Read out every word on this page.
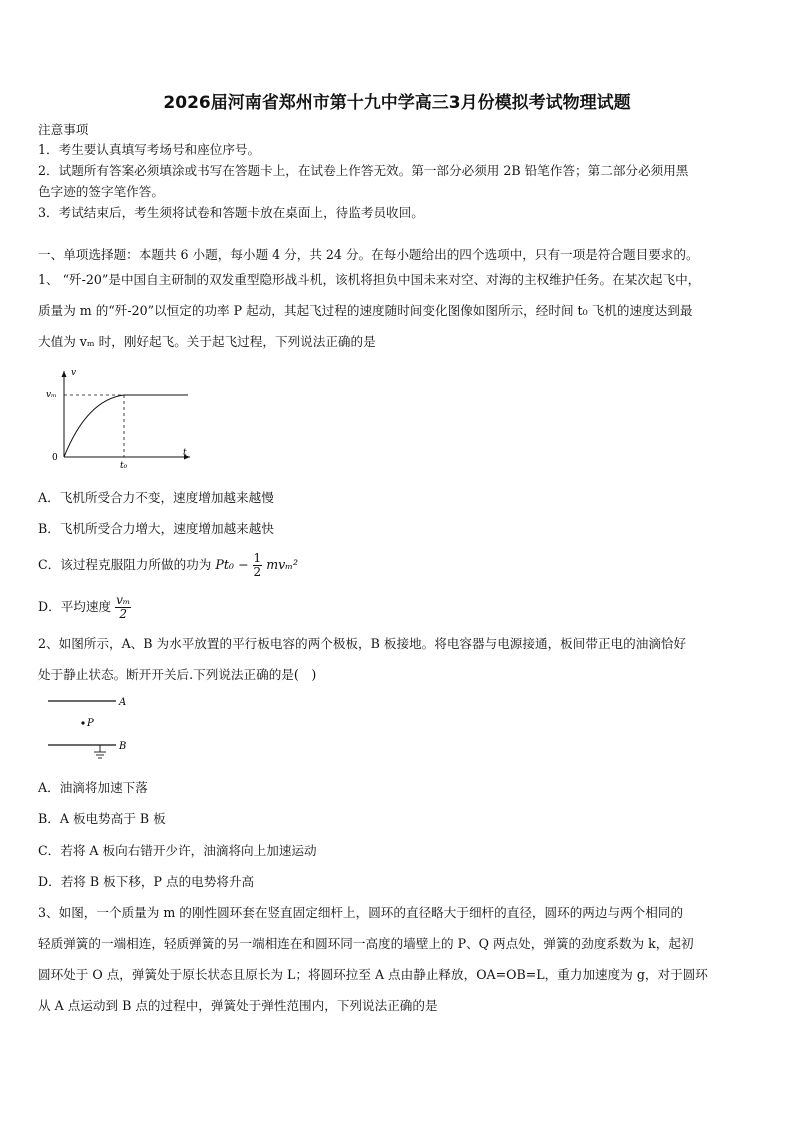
2026届河南省郑州市第十九中学高三3月份模拟考试物理试题
注意事项
1．考生要认真填写考场号和座位序号。
2．试题所有答案必须填涂或书写在答题卡上，在试卷上作答无效。第一部分必须用 2B 铅笔作答；第二部分必须用黑
色字迹的签字笔作答。
3．考试结束后，考生须将试卷和答题卡放在桌面上，待监考员收回。
一、单项选择题：本题共 6 小题，每小题 4 分，共 24 分。在每小题给出的四个选项中，只有一项是符合题目要求的。
1、 “歼-20”是中国自主研制的双发重型隐形战斗机，该机将担负中国未来对空、对海的主权维护任务。在某次起飞中，
质量为 m 的“歼-20”以恒定的功率 P 起动，其起飞过程的速度随时间变化图像如图所示，经时间 t₀ 飞机的速度达到最
大值为 vₘ 时，刚好起飞。关于起飞过程，下列说法正确的是
v
t
0
vₘ
t₀
A．飞机所受合力不变，速度增加越来越慢
B．飞机所受合力增大，速度增加越来越快
C．该过程克服阻力所做的功为 $Pt_0 - \frac{1}{2} mv_m^2$
D．平均速度 $\frac{\text{vₘ}}{2}$
2、如图所示，A、B 为水平放置的平行板电容的两个极板，B 板接地。将电容器与电源接通，板间带正电的油滴恰好
处于静止状态。断开开关后.下列说法正确的是(　)
A
B
P
A．油滴将加速下落
B．A 板电势高于 B 板
C．若将 A 板向右错开少许，油滴将向上加速运动
D．若将 B 板下移，P 点的电势将升高
3、如图，一个质量为 m 的刚性圆环套在竖直固定细杆上，圆环的直径略大于细杆的直径，圆环的两边与两个相同的
轻质弹簧的一端相连，轻质弹簧的另一端相连在和圆环同一高度的墙壁上的 P、Q 两点处，弹簧的劲度系数为 k，起初
圆环处于 O 点，弹簧处于原长状态且原长为 L；将圆环拉至 A 点由静止释放，OA=OB=L，重力加速度为 g，对于圆环
从 A 点运动到 B 点的过程中，弹簧处于弹性范围内，下列说法正确的是
